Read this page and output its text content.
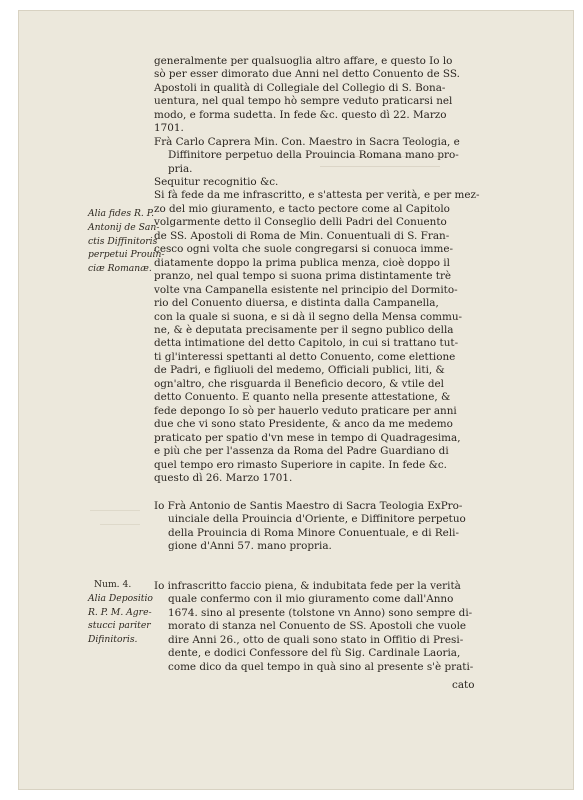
Alia fides R. P.
Antonij de San-
ctis Diffinitoris
perpetui Prouin-
ciæ Romanæ.
Num. 4.
Alia Depositio
R. P. M. Agre-
stucci pariter
Difinitoris.
generalmente per qualsuoglia altro affare, e questo Io lo
sò per esser dimorato due Anni nel detto Conuento de SS.
Apostoli in qualità di Collegiale del Collegio di S. Bona-
uentura, nel qual tempo hò sempre veduto praticarsi nel
modo, e forma sudetta. In fede &c. questo dì 22. Marzo
1701.
Frà Carlo Caprera Min. Con. Maestro in Sacra Teologia, e
Diffinitore perpetuo della Prouincia Romana mano pro-
pria.
Sequitur recognitio &c.
Si fà fede da me infrascritto, e s'attesta per verità, e per mez-
zo del mio giuramento, e tacto pectore come al Capitolo
volgarmente detto il Conseglio delli Padri del Conuento
de SS. Apostoli di Roma de Min. Conuentuali di S. Fran-
cesco ogni volta che suole congregarsi si conuoca imme-
diatamente doppo la prima publica menza, cioè doppo il
pranzo, nel qual tempo si suona prima distintamente trè
volte vna Campanella esistente nel principio del Dormito-
rio del Conuento diuersa, e distinta dalla Campanella,
con la quale si suona, e si dà il segno della Mensa commu-
ne, & è deputata precisamente per il segno publico della
detta intimatione del detto Capitolo, in cui si trattano tut-
ti gl'interessi spettanti al detto Conuento, come elettione
de Padri, e figliuoli del medemo, Officiali publici, liti, &
ogn'altro, che risguarda il Beneficio decoro, & vtile del
detto Conuento. E quanto nella presente attestatione, &
fede depongo Io sò per hauerlo veduto praticare per anni
due che vi sono stato Presidente, & anco da me medemo
praticato per spatio d'vn mese in tempo di Quadragesima,
e più che per l'assenza da Roma del Padre Guardiano di
quel tempo ero rimasto Superiore in capite. In fede &c.
questo dì 26. Marzo 1701.
Io Frà Antonio de Santis Maestro di Sacra Teologia ExPro-
uinciale della Prouincia d'Oriente, e Diffinitore perpetuo
della Prouincia di Roma Minore Conuentuale, e di Reli-
gione d'Anni 57. mano propria.
Io infrascritto faccio piena, & indubitata fede per la verità
quale confermo con il mio giuramento come dall'Anno
1674. sino al presente (tolstone vn Anno) sono sempre di-
morato di stanza nel Conuento de SS. Apostoli che vuole
dire Anni 26., otto de quali sono stato in Offitio di Presi-
dente, e dodici Confessore del fù Sig. Cardinale Laoria,
come dico da quel tempo in quà sino al presente s'è prati-
cato
